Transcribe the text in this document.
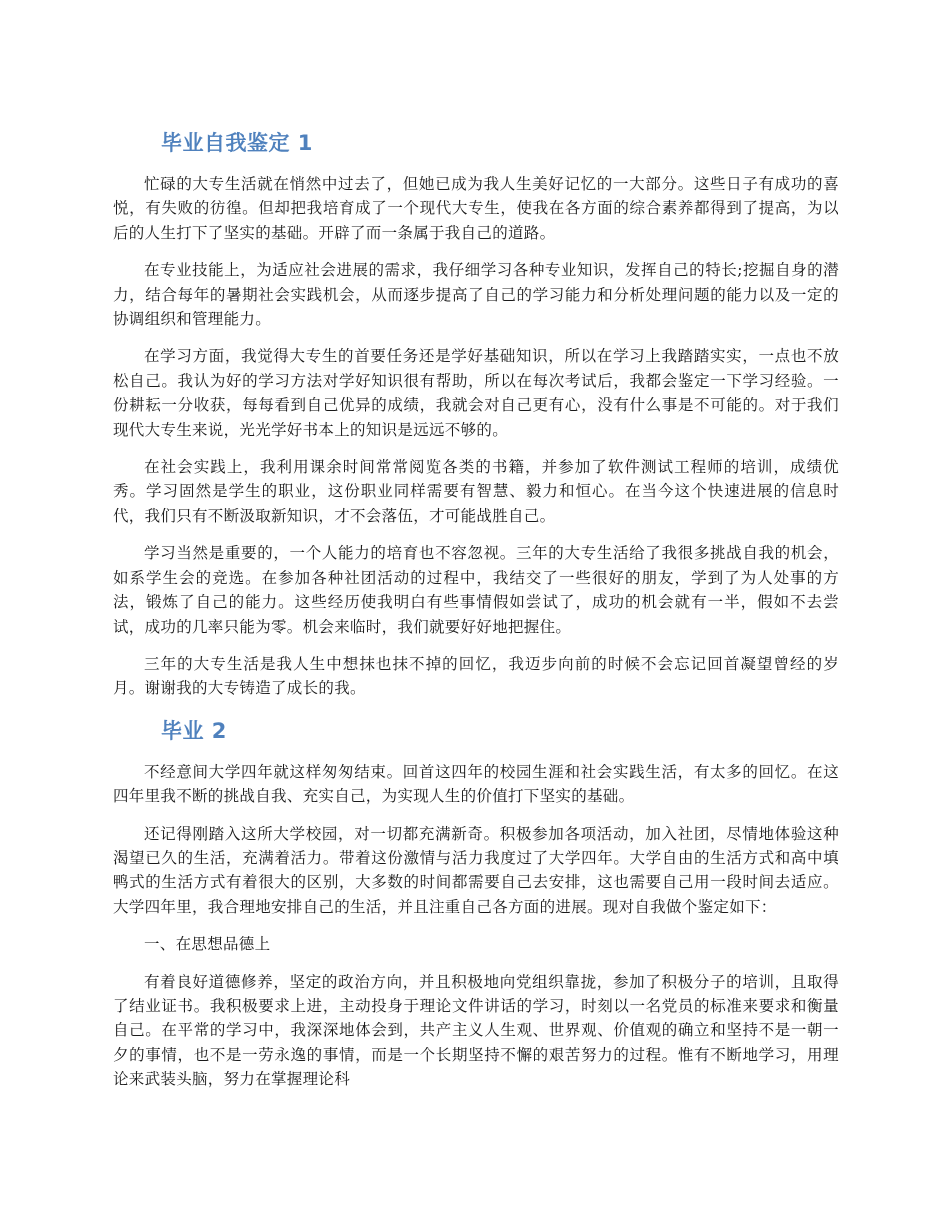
毕业自我鉴定 1

忙碌的大专生活就在悄然中过去了，但她已成为我人生美好记忆的一大部分。这些日子有成功的喜悦，有失败的彷徨。但却把我培育成了一个现代大专生，使我在各方面的综合素养都得到了提高，为以后的人生打下了坚实的基础。开辟了而一条属于我自己的道路。

在专业技能上，为适应社会进展的需求，我仔细学习各种专业知识，发挥自己的特长;挖掘自身的潜力，结合每年的暑期社会实践机会，从而逐步提高了自己的学习能力和分析处理问题的能力以及一定的协调组织和管理能力。

在学习方面，我觉得大专生的首要任务还是学好基础知识，所以在学习上我踏踏实实，一点也不放松自己。我认为好的学习方法对学好知识很有帮助，所以在每次考试后，我都会鉴定一下学习经验。一份耕耘一分收获，每每看到自己优异的成绩，我就会对自己更有心，没有什么事是不可能的。对于我们现代大专生来说，光光学好书本上的知识是远远不够的。

在社会实践上，我利用课余时间常常阅览各类的书籍，并参加了软件测试工程师的培训，成绩优秀。学习固然是学生的职业，这份职业同样需要有智慧、毅力和恒心。在当今这个快速进展的信息时代，我们只有不断汲取新知识，才不会落伍，才可能战胜自己。

学习当然是重要的，一个人能力的培育也不容忽视。三年的大专生活给了我很多挑战自我的机会，如系学生会的竞选。在参加各种社团活动的过程中，我结交了一些很好的朋友，学到了为人处事的方法，锻炼了自己的能力。这些经历使我明白有些事情假如尝试了，成功的机会就有一半，假如不去尝试，成功的几率只能为零。机会来临时，我们就要好好地把握住。

三年的大专生活是我人生中想抹也抹不掉的回忆，我迈步向前的时候不会忘记回首凝望曾经的岁月。谢谢我的大专铸造了成长的我。

毕业 2

不经意间大学四年就这样匆匆结束。回首这四年的校园生涯和社会实践生活，有太多的回忆。在这四年里我不断的挑战自我、充实自己，为实现人生的价值打下坚实的基础。

还记得刚踏入这所大学校园，对一切都充满新奇。积极参加各项活动，加入社团，尽情地体验这种渴望已久的生活，充满着活力。带着这份激情与活力我度过了大学四年。大学自由的生活方式和高中填鸭式的生活方式有着很大的区别，大多数的时间都需要自己去安排，这也需要自己用一段时间去适应。大学四年里，我合理地安排自己的生活，并且注重自己各方面的进展。现对自我做个鉴定如下：

一、在思想品德上

有着良好道德修养，坚定的政治方向，并且积极地向党组织靠拢，参加了积极分子的培训，且取得了结业证书。我积极要求上进，主动投身于理论文件讲话的学习，时刻以一名党员的标准来要求和衡量自己。在平常的学习中，我深深地体会到，共产主义人生观、世界观、价值观的确立和坚持不是一朝一夕的事情，也不是一劳永逸的事情，而是一个长期坚持不懈的艰苦努力的过程。惟有不断地学习，用理论来武装头脑，努力在掌握理论科
